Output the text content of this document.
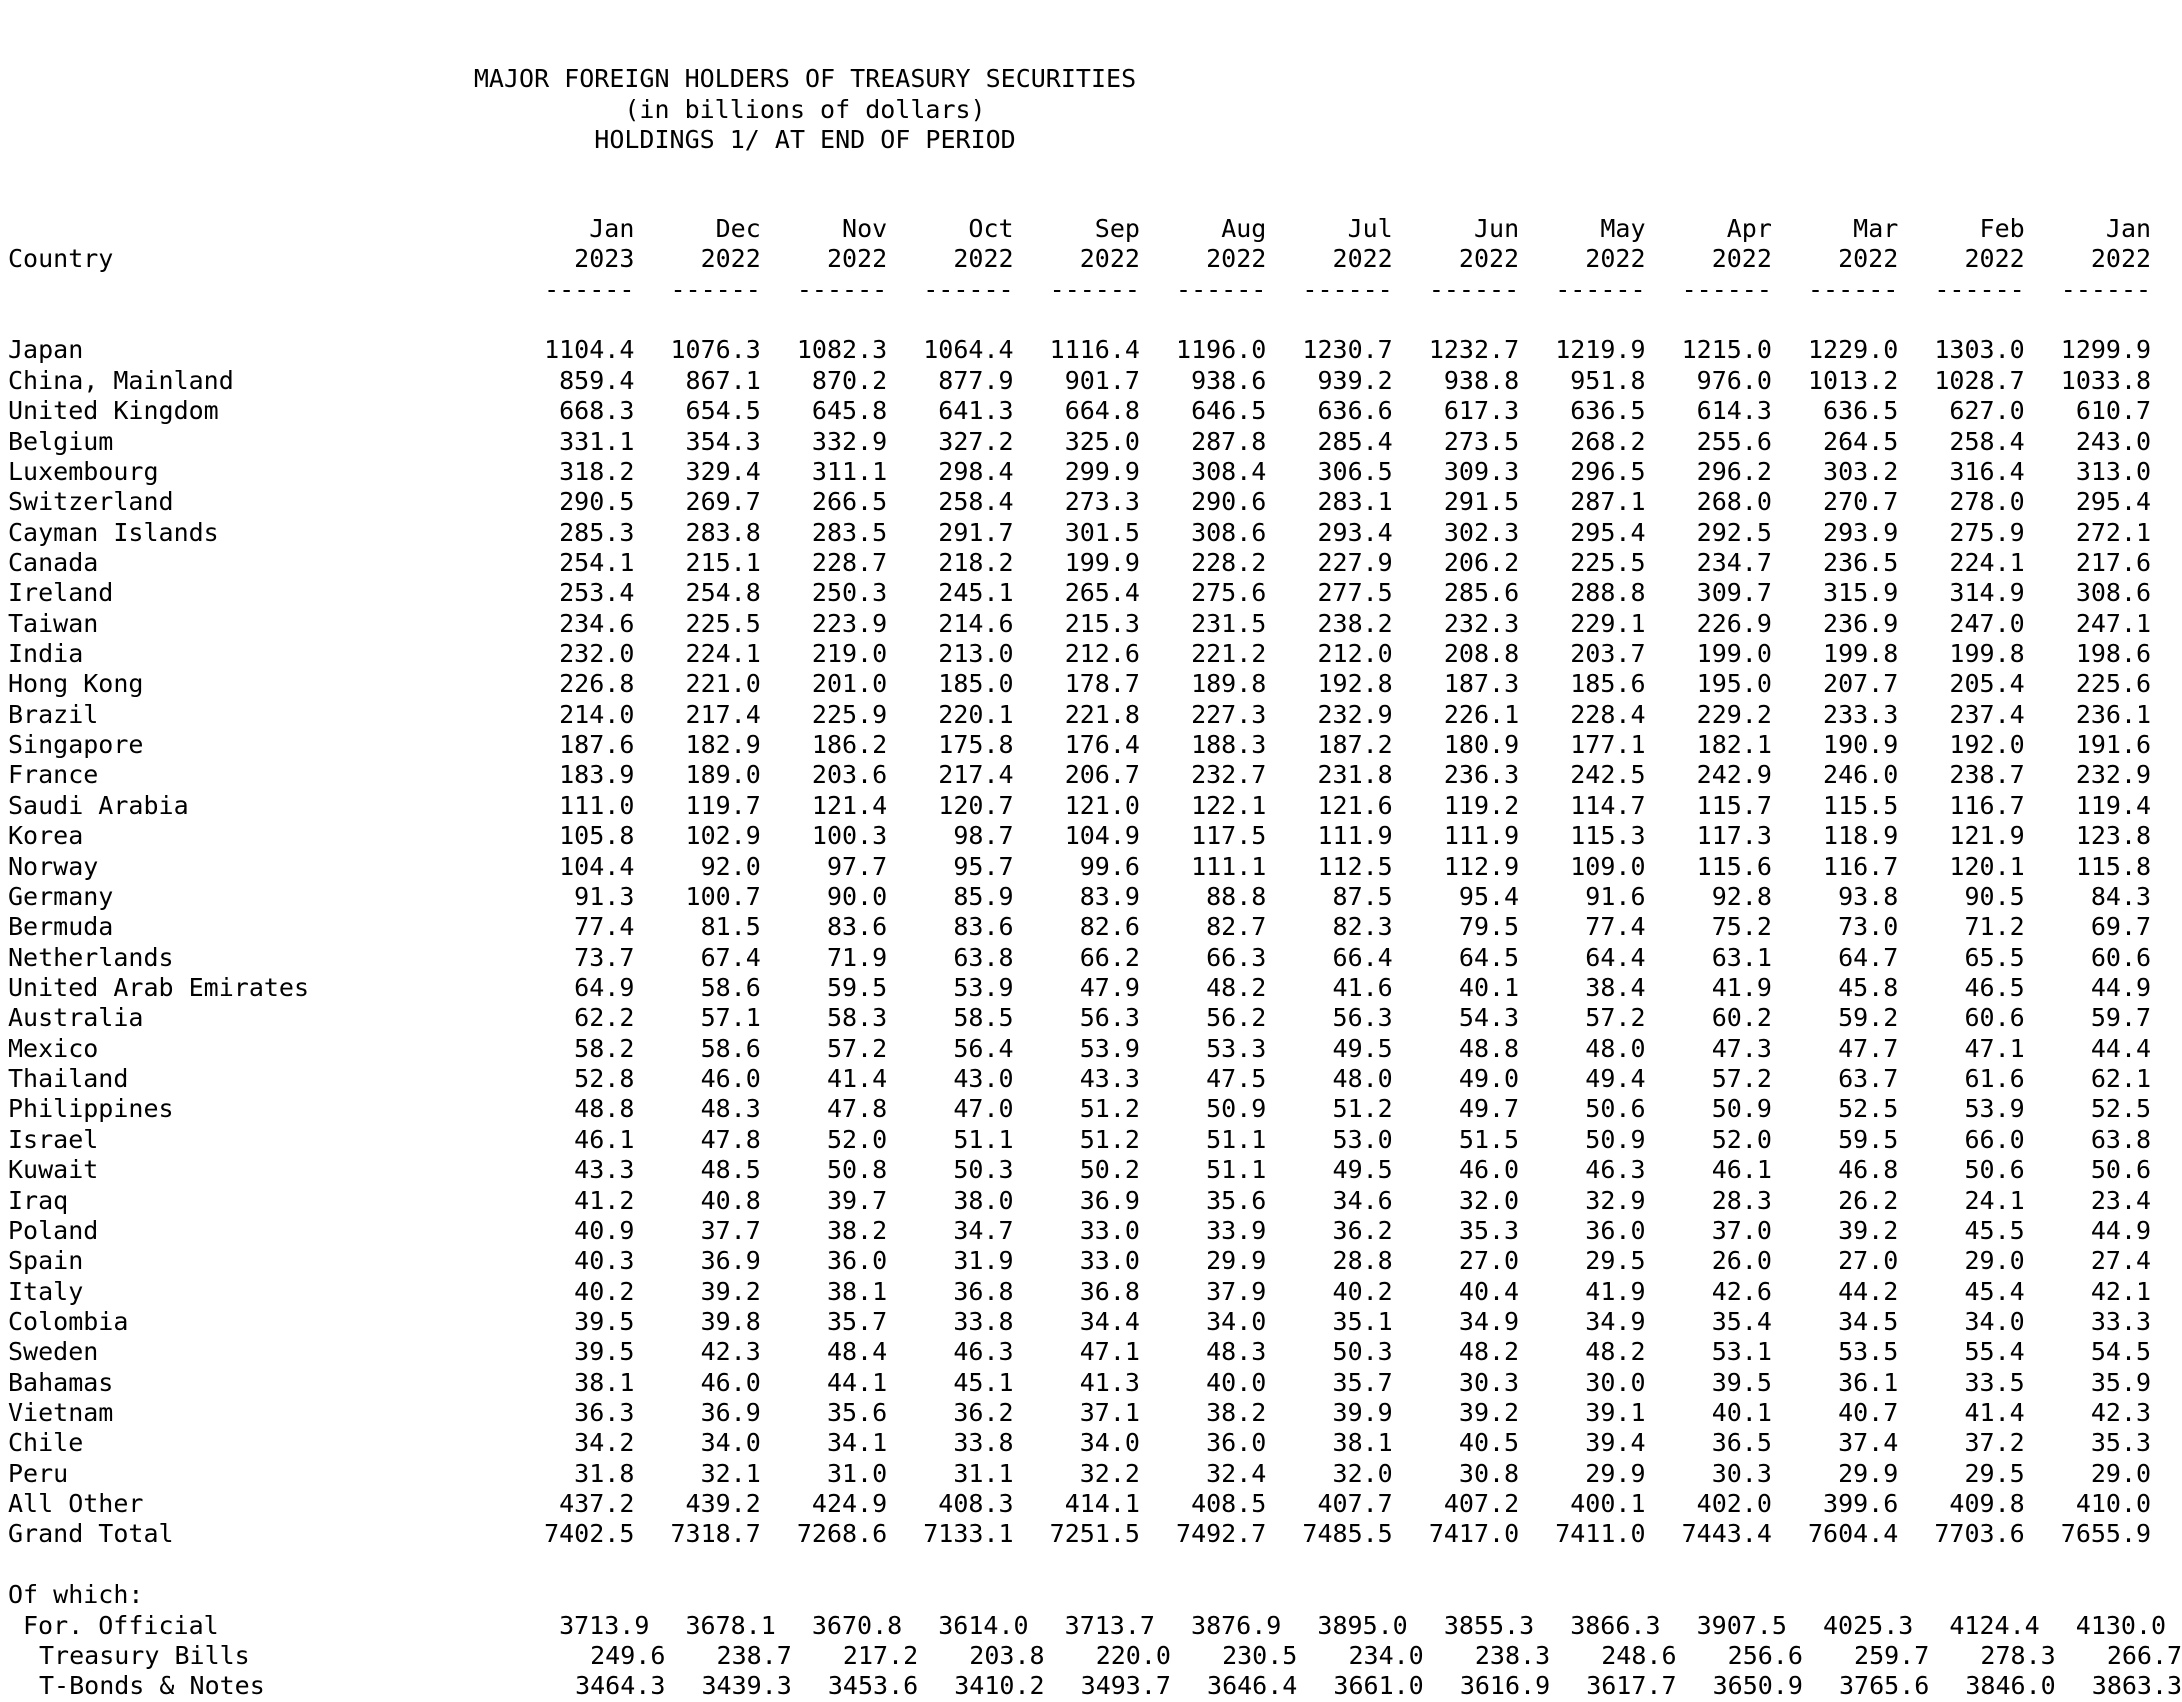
MAJOR FOREIGN HOLDERS OF TREASURY SECURITIES
(in billions of dollars)
HOLDINGS 1/ AT END OF PERIOD
Jan	Dec	Nov	Oct	Sep	Aug	Jul	Jun	May	Apr	Mar	Feb	Jan
Country	2023	2022	2022	2022	2022	2022	2022	2022	2022	2022	2022	2022	2022
------	------	------	------	------	------	------	------	------	------	------	------	------
Japan	1104.4	1076.3	1082.3	1064.4	1116.4	1196.0	1230.7	1232.7	1219.9	1215.0	1229.0	1303.0	1299.9
China, Mainland	859.4	867.1	870.2	877.9	901.7	938.6	939.2	938.8	951.8	976.0	1013.2	1028.7	1033.8
United Kingdom	668.3	654.5	645.8	641.3	664.8	646.5	636.6	617.3	636.5	614.3	636.5	627.0	610.7
Belgium	331.1	354.3	332.9	327.2	325.0	287.8	285.4	273.5	268.2	255.6	264.5	258.4	243.0
Luxembourg	318.2	329.4	311.1	298.4	299.9	308.4	306.5	309.3	296.5	296.2	303.2	316.4	313.0
Switzerland	290.5	269.7	266.5	258.4	273.3	290.6	283.1	291.5	287.1	268.0	270.7	278.0	295.4
Cayman Islands	285.3	283.8	283.5	291.7	301.5	308.6	293.4	302.3	295.4	292.5	293.9	275.9	272.1
Canada	254.1	215.1	228.7	218.2	199.9	228.2	227.9	206.2	225.5	234.7	236.5	224.1	217.6
Ireland	253.4	254.8	250.3	245.1	265.4	275.6	277.5	285.6	288.8	309.7	315.9	314.9	308.6
Taiwan	234.6	225.5	223.9	214.6	215.3	231.5	238.2	232.3	229.1	226.9	236.9	247.0	247.1
India	232.0	224.1	219.0	213.0	212.6	221.2	212.0	208.8	203.7	199.0	199.8	199.8	198.6
Hong Kong	226.8	221.0	201.0	185.0	178.7	189.8	192.8	187.3	185.6	195.0	207.7	205.4	225.6
Brazil	214.0	217.4	225.9	220.1	221.8	227.3	232.9	226.1	228.4	229.2	233.3	237.4	236.1
Singapore	187.6	182.9	186.2	175.8	176.4	188.3	187.2	180.9	177.1	182.1	190.9	192.0	191.6
France	183.9	189.0	203.6	217.4	206.7	232.7	231.8	236.3	242.5	242.9	246.0	238.7	232.9
Saudi Arabia	111.0	119.7	121.4	120.7	121.0	122.1	121.6	119.2	114.7	115.7	115.5	116.7	119.4
Korea	105.8	102.9	100.3	98.7	104.9	117.5	111.9	111.9	115.3	117.3	118.9	121.9	123.8
Norway	104.4	92.0	97.7	95.7	99.6	111.1	112.5	112.9	109.0	115.6	116.7	120.1	115.8
Germany	91.3	100.7	90.0	85.9	83.9	88.8	87.5	95.4	91.6	92.8	93.8	90.5	84.3
Bermuda	77.4	81.5	83.6	83.6	82.6	82.7	82.3	79.5	77.4	75.2	73.0	71.2	69.7
Netherlands	73.7	67.4	71.9	63.8	66.2	66.3	66.4	64.5	64.4	63.1	64.7	65.5	60.6
United Arab Emirates	64.9	58.6	59.5	53.9	47.9	48.2	41.6	40.1	38.4	41.9	45.8	46.5	44.9
Australia	62.2	57.1	58.3	58.5	56.3	56.2	56.3	54.3	57.2	60.2	59.2	60.6	59.7
Mexico	58.2	58.6	57.2	56.4	53.9	53.3	49.5	48.8	48.0	47.3	47.7	47.1	44.4
Thailand	52.8	46.0	41.4	43.0	43.3	47.5	48.0	49.0	49.4	57.2	63.7	61.6	62.1
Philippines	48.8	48.3	47.8	47.0	51.2	50.9	51.2	49.7	50.6	50.9	52.5	53.9	52.5
Israel	46.1	47.8	52.0	51.1	51.2	51.1	53.0	51.5	50.9	52.0	59.5	66.0	63.8
Kuwait	43.3	48.5	50.8	50.3	50.2	51.1	49.5	46.0	46.3	46.1	46.8	50.6	50.6
Iraq	41.2	40.8	39.7	38.0	36.9	35.6	34.6	32.0	32.9	28.3	26.2	24.1	23.4
Poland	40.9	37.7	38.2	34.7	33.0	33.9	36.2	35.3	36.0	37.0	39.2	45.5	44.9
Spain	40.3	36.9	36.0	31.9	33.0	29.9	28.8	27.0	29.5	26.0	27.0	29.0	27.4
Italy	40.2	39.2	38.1	36.8	36.8	37.9	40.2	40.4	41.9	42.6	44.2	45.4	42.1
Colombia	39.5	39.8	35.7	33.8	34.4	34.0	35.1	34.9	34.9	35.4	34.5	34.0	33.3
Sweden	39.5	42.3	48.4	46.3	47.1	48.3	50.3	48.2	48.2	53.1	53.5	55.4	54.5
Bahamas	38.1	46.0	44.1	45.1	41.3	40.0	35.7	30.3	30.0	39.5	36.1	33.5	35.9
Vietnam	36.3	36.9	35.6	36.2	37.1	38.2	39.9	39.2	39.1	40.1	40.7	41.4	42.3
Chile	34.2	34.0	34.1	33.8	34.0	36.0	38.1	40.5	39.4	36.5	37.4	37.2	35.3
Peru	31.8	32.1	31.0	31.1	32.2	32.4	32.0	30.8	29.9	30.3	29.9	29.5	29.0
All Other	437.2	439.2	424.9	408.3	414.1	408.5	407.7	407.2	400.1	402.0	399.6	409.8	410.0
Grand Total	7402.5	7318.7	7268.6	7133.1	7251.5	7492.7	7485.5	7417.0	7411.0	7443.4	7604.4	7703.6	7655.9
Of which:
For. Official	3713.9	3678.1	3670.8	3614.0	3713.7	3876.9	3895.0	3855.3	3866.3	3907.5	4025.3	4124.4	4130.0
Treasury Bills	249.6	238.7	217.2	203.8	220.0	230.5	234.0	238.3	248.6	256.6	259.7	278.3	266.7
T-Bonds & Notes	3464.3	3439.3	3453.6	3410.2	3493.7	3646.4	3661.0	3616.9	3617.7	3650.9	3765.6	3846.0	3863.3
